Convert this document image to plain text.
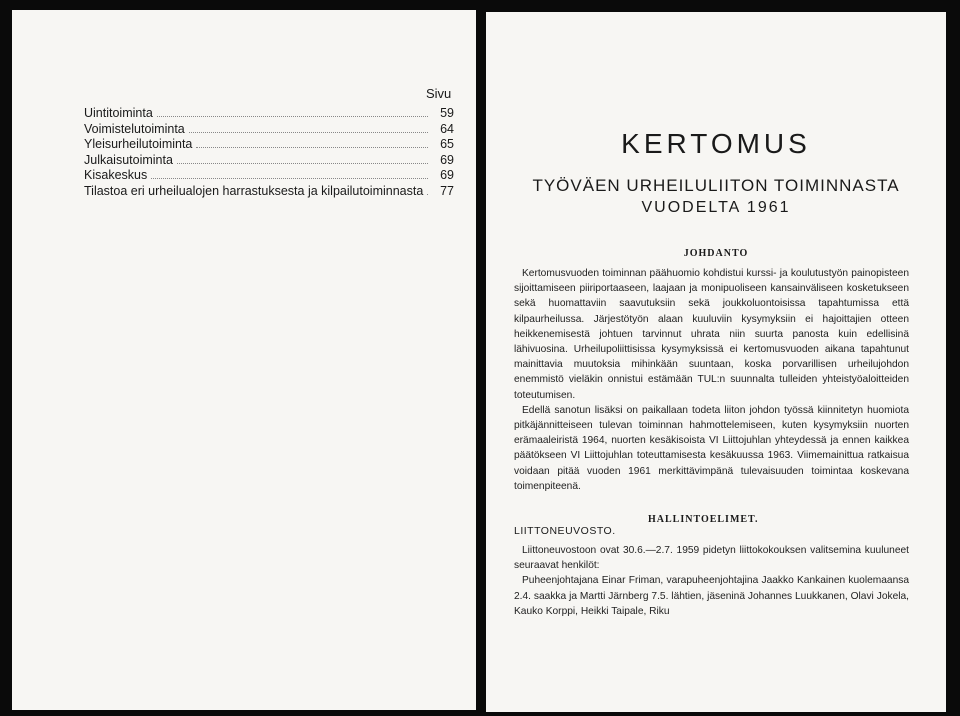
Sivu
Uintitoiminta	59
Voimistelutoiminta	64
Yleisurheilutoiminta	65
Julkaisutoiminta	69
Kisakeskus	69
Tilastoa eri urheilualojen harrastuksesta ja kilpailutoiminnasta	77
KERTOMUS
TYÖVÄEN URHEILULIITON TOIMINNASTA
VUODELTA 1961
JOHDANTO

Kertomusvuoden toiminnan päähuomio kohdistui kurssi- ja koulutustyön painopisteen sijoittamiseen piiriportaaseen, laajaan ja monipuoliseen kansainväliseen kosketukseen sekä huomattaviin saavutuksiin sekä joukkoluontoisissa tapahtumissa että kilpaurheilussa. Järjestötyön alaan kuuluviin kysymyksiin ei hajoittajien otteen heikkenemisestä johtuen tarvinnut uhrata niin suurta panosta kuin edellisinä lähivuosina. Urheilupoliittisissa kysymyksissä ei kertomusvuoden aikana tapahtunut mainittavia muutoksia mihinkään suuntaan, koska porvarillisen urheilujohdon enemmistö vieläkin onnistui estämään TUL:n suunnalta tulleiden yhteistyöaloitteiden toteutumisen.

Edellä sanotun lisäksi on paikallaan todeta liiton johdon työssä kiinnitetyn huomiota pitkäjännitteiseen tulevan toiminnan hahmottelemiseen, kuten kysymyksiin nuorten erämaaleiristä 1964, nuorten kesäkisoista VI Liittojuhlan yhteydessä ja ennen kaikkea päätökseen VI Liittojuhlan toteuttamisesta kesäkuussa 1963. Viimemainittua ratkaisua voidaan pitää vuoden 1961 merkittävimpänä tulevaisuuden toimintaa koskevana toimenpiteenä.

HALLINTOELIMET.
LIITTONEUVOSTO.

Liittoneuvostoon ovat 30.6.—2.7. 1959 pidetyn liittokokouksen valitsemina kuuluneet seuraavat henkilöt:

Puheenjohtajana Einar Friman, varapuheenjohtajina Jaakko Kankainen kuolemaansa 2.4. saakka ja Martti Järnberg 7.5. lähtien, jäseninä Johannes Luukkanen, Olavi Jokela, Kauko Korppi, Heikki Taipale, Riku
